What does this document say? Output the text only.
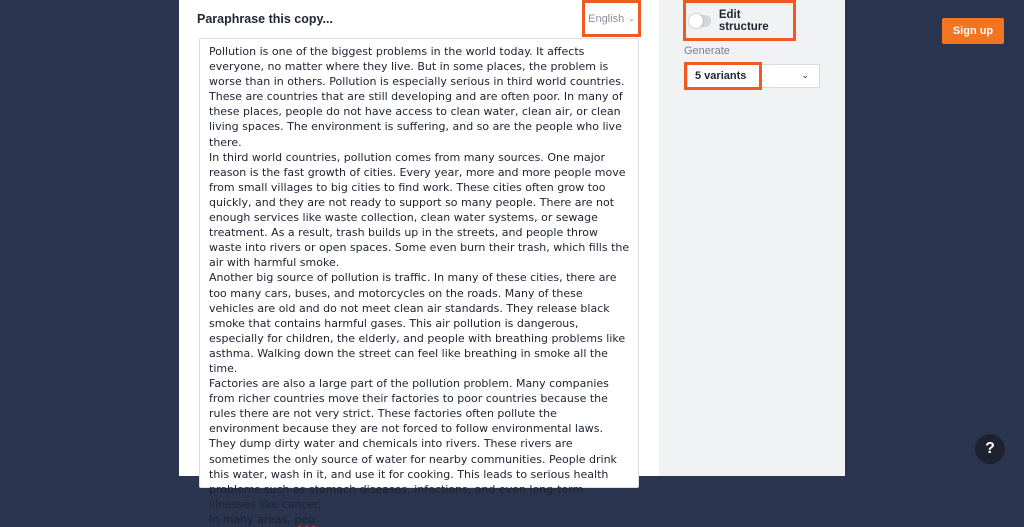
Paraphrase this copy...	English ⌄
Pollution is one of the biggest problems in the world today. It affects everyone, no matter where they live. But in some places, the problem is worse than in others. Pollution is especially serious in third world countries. These are countries that are still developing and are often poor. In many of these places, people do not have access to clean water, clean air, or clean living spaces. The environment is suffering, and so are the people who live there.
In third world countries, pollution comes from many sources. One major reason is the fast growth of cities. Every year, more and more people move from small villages to big cities to find work. These cities often grow too quickly, and they are not ready to support so many people. There are not enough services like waste collection, clean water systems, or sewage treatment. As a result, trash builds up in the streets, and people throw waste into rivers or open spaces. Some even burn their trash, which fills the air with harmful smoke.
Another big source of pollution is traffic. In many of these cities, there are too many cars, buses, and motorcycles on the roads. Many of these vehicles are old and do not meet clean air standards. They release black smoke that contains harmful gases. This air pollution is dangerous, especially for children, the elderly, and people with breathing problems like asthma. Walking down the street can feel like breathing in smoke all the time.
Factories are also a large part of the pollution problem. Many companies from richer countries move their factories to poor countries because the rules there are not very strict. These factories often pollute the environment because they are not forced to follow environmental laws. They dump dirty water and chemicals into rivers. These rivers are sometimes the only source of water for nearby communities. People drink this water, wash in it, and use it for cooking. This leads to serious health problems such as stomach diseases, infections, and even long-term illnesses like cancer.
In many areas, peo
Edit structure
Generate
5 variants	⌄
Sign up
?
